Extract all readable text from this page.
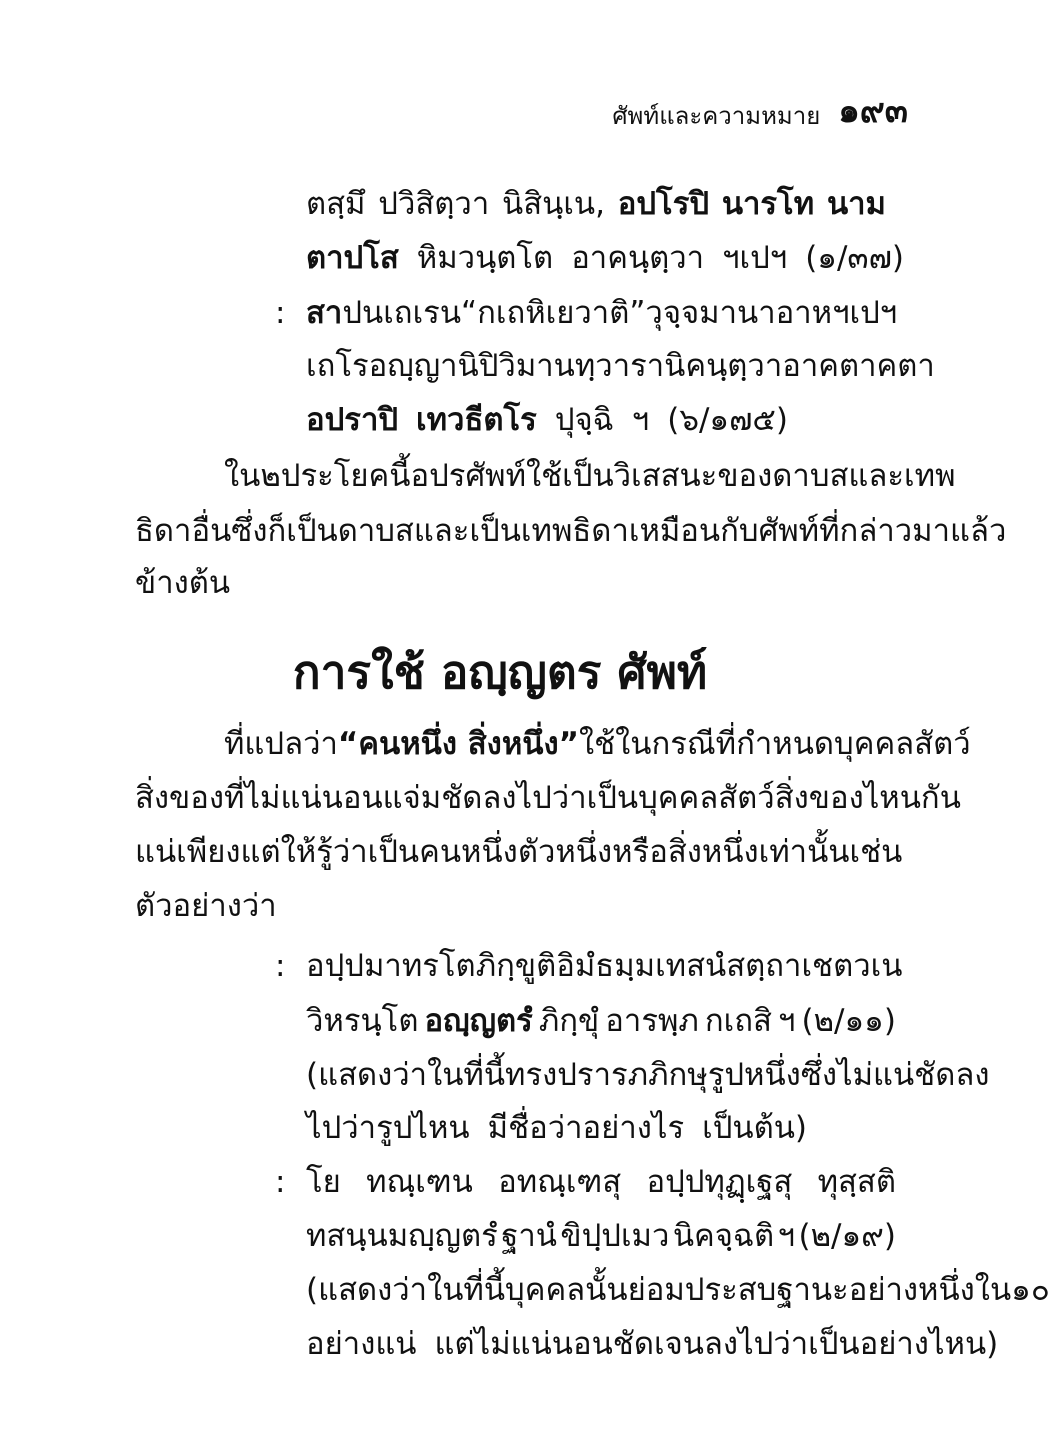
ศัพท์และความหมาย ๑๙๓
ตสฺมึ ปวิสิตฺวา นิสินฺเน, อปโรปิ นารโท นาม
ตาปโส หิมวนฺตโต อาคนฺตฺวา ฯเปฯ (๑/๓๗)
: สา ปน เถเรน “กเถหิเยวาติ” วุจฺจมานา อาห ฯเปฯ
เถโร อญฺญานิปิ วิมานทฺวารานิ คนฺตฺวา อาคตาคตา
อปราปิ เทวธีตโร ปุจฺฉิ ฯ (๖/๑๗๕)
ใน ๒ ประโยคนี้ อปร ศัพท์ ใช้เป็นวิเสสนะของดาบสและเทพ
ธิดา อื่นซึ่งก็เป็นดาบส และเป็นเทพธิดาเหมือนกับศัพท์ที่กล่าวมาแล้ว
ข้างต้น
การใช้ อญฺญตร ศัพท์
ที่แปลว่า “คนหนึ่ง สิ่งหนึ่ง” ใช้ในกรณีที่กำหนดบุคคล สัตว์
สิ่งของ ที่ไม่แน่นอนแจ่มชัดลงไปว่า เป็นบุคคล สัตว์สิ่งของไหนกัน
แน่ เพียงแต่ให้รู้ว่าเป็นคนหนึ่ง ตัวหนึ่ง หรือสิ่งหนึ่งเท่านั้น เช่น
ตัวอย่างว่า
: อปฺปมาทรโต ภิกฺขูติ อิมํ ธมฺมเทสนํ สตฺถา เชตวเน
วิหรนฺโต อญฺญตรํ ภิกฺขุํ อารพฺภ กเถสิ ฯ (๒/๑๑)
(แสดงว่าในที่นี้ทรงปรารภภิกษุรูปหนึ่ง ซึ่งไม่แน่ชัดลง
ไปว่ารูปไหน มีชื่อว่าอย่างไร เป็นต้น)
: โย ทณฺเฑน อทณฺเฑสุ อปฺปทุฏฺเฐสุ ทุสฺสติ
ทสนฺนมญฺญตรํ ฐานํ ขิปฺปเมว นิคจฺฉติ ฯ (๒/๑๙)
(แสดงว่าในที่นี้บุคคลนั้นย่อมประสบฐานะอย่างหนึ่งใน ๑๐
อย่างแน่ แต่ไม่แน่นอนชัดเจนลงไปว่าเป็นอย่างไหน)
